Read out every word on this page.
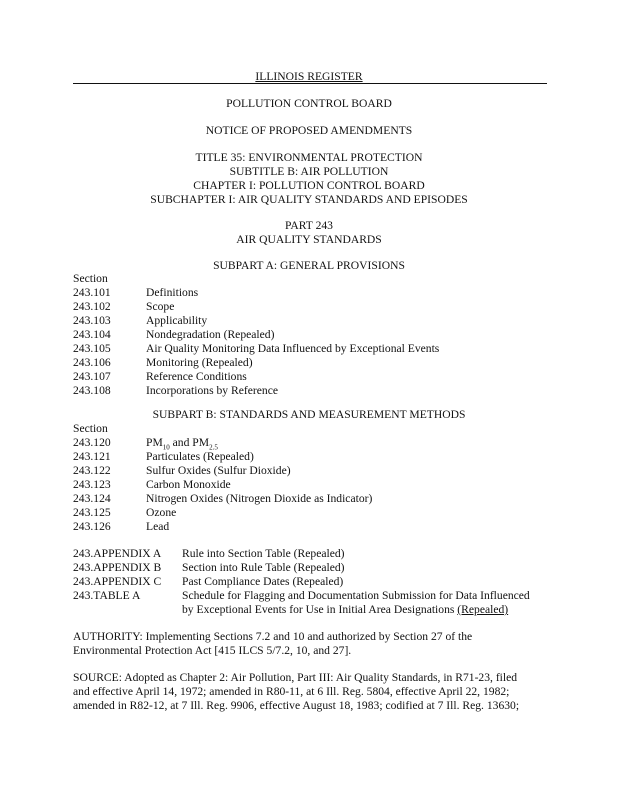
ILLINOIS REGISTER
POLLUTION CONTROL BOARD
NOTICE OF PROPOSED AMENDMENTS
TITLE 35: ENVIRONMENTAL PROTECTION
SUBTITLE B: AIR POLLUTION
CHAPTER I: POLLUTION CONTROL BOARD
SUBCHAPTER I: AIR QUALITY STANDARDS AND EPISODES
PART 243
AIR QUALITY STANDARDS
SUBPART A: GENERAL PROVISIONS
Section
243.101	Definitions
243.102	Scope
243.103	Applicability
243.104	Nondegradation (Repealed)
243.105	Air Quality Monitoring Data Influenced by Exceptional Events
243.106	Monitoring (Repealed)
243.107	Reference Conditions
243.108	Incorporations by Reference
SUBPART B: STANDARDS AND MEASUREMENT METHODS
Section
243.120	$PM_{10}$ and $PM_{2.5}$
243.121	Particulates (Repealed)
243.122	Sulfur Oxides (Sulfur Dioxide)
243.123	Carbon Monoxide
243.124	Nitrogen Oxides (Nitrogen Dioxide as Indicator)
243.125	Ozone
243.126	Lead
243.APPENDIX A Rule into Section Table (Repealed)
243.APPENDIX B Section into Rule Table (Repealed)
243.APPENDIX C Past Compliance Dates (Repealed)
243.TABLE A	Schedule for Flagging and Documentation Submission for Data Influenced
by Exceptional Events for Use in Initial Area Designations (Repealed)
AUTHORITY: Implementing Sections 7.2 and 10 and authorized by Section 27 of the
Environmental Protection Act [415 ILCS 5/7.2, 10, and 27].
SOURCE: Adopted as Chapter 2: Air Pollution, Part III: Air Quality Standards, in R71-23, filed
and effective April 14, 1972; amended in R80-11, at 6 Ill. Reg. 5804, effective April 22, 1982;
amended in R82-12, at 7 Ill. Reg. 9906, effective August 18, 1983; codified at 7 Ill. Reg. 13630;
